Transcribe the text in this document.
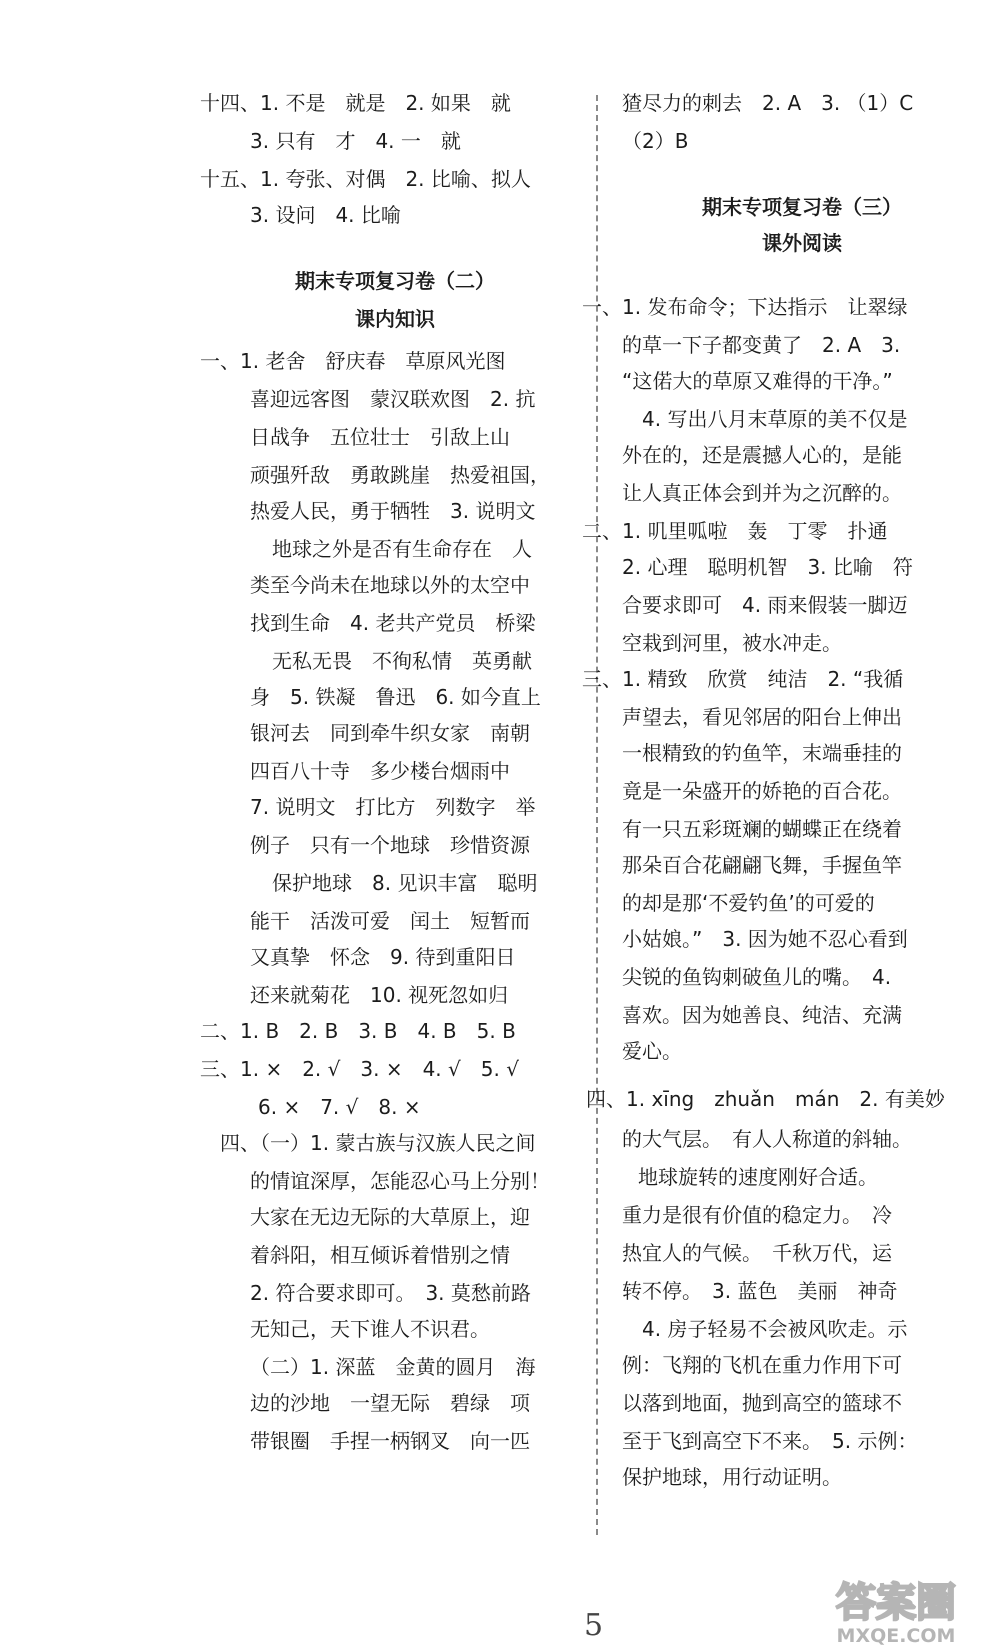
十四、1. 不是　就是　2. 如果　就
3. 只有　才　4. 一　就
十五、1. 夸张、对偶　2. 比喻、拟人
3. 设问　4. 比喻
期末专项复习卷（二）
课内知识
一、1. 老舍　舒庆春　草原风光图
喜迎远客图　蒙汉联欢图　2. 抗
日战争　五位壮士　引敌上山
顽强歼敌　勇敢跳崖　热爱祖国，
热爱人民，勇于牺牲　3. 说明文
地球之外是否有生命存在　人
类至今尚未在地球以外的太空中
找到生命　4. 老共产党员　桥梁
无私无畏　不徇私情　英勇献
身　5. 铁凝　鲁迅　6. 如今直上
银河去　同到牵牛织女家　南朝
四百八十寺　多少楼台烟雨中
7. 说明文　打比方　列数字　举
例子　只有一个地球　珍惜资源
保护地球　8. 见识丰富　聪明
能干　活泼可爱　闰土　短暂而
又真挚　怀念　9. 待到重阳日
还来就菊花　10. 视死忽如归
二、1. B　2. B　3. B　4. B　5. B
三、1. ×　2. √　3. ×　4. √　5. √
6. ×　7. √　8. ×
四、（一）1. 蒙古族与汉族人民之间
的情谊深厚，怎能忍心马上分别！
大家在无边无际的大草原上，迎
着斜阳，相互倾诉着惜别之情
2. 符合要求即可。　3. 莫愁前路
无知己，天下谁人不识君。
（二）1. 深蓝　金黄的圆月　海
边的沙地　一望无际　碧绿　项
带银圈　手捏一柄钢叉　向一匹
猹尽力的刺去　2. A　3. （1）C
（2）B
期末专项复习卷（三）
课外阅读
一、1. 发布命令；下达指示　让翠绿
的草一下子都变黄了　2. A　3.
“这偌大的草原又难得的干净。”
4. 写出八月末草原的美不仅是
外在的，还是震撼人心的，是能
让人真正体会到并为之沉醉的。
二、1. 叽里呱啦　轰　丁零　扑通
2. 心理　聪明机智　3. 比喻　符
合要求即可　4. 雨来假装一脚迈
空栽到河里，被水冲走。
三、1. 精致　欣赏　纯洁　2. “我循
声望去，看见邻居的阳台上伸出
一根精致的钓鱼竿，末端垂挂的
竟是一朵盛开的娇艳的百合花。
有一只五彩斑斓的蝴蝶正在绕着
那朵百合花翩翩飞舞，手握鱼竿
的却是那‘不爱钓鱼’的可爱的
小姑娘。”　3. 因为她不忍心看到
尖锐的鱼钩刺破鱼儿的嘴。　4.
喜欢。因为她善良、纯洁、充满
爱心。
四、1. xīng　zhuǎn　mán　2. 有美妙
的大气层。　有人人称道的斜轴。
地球旋转的速度刚好合适。
重力是很有价值的稳定力。　冷
热宜人的气候。　千秋万代，运
转不停。　3. 蓝色　美丽　神奇
4. 房子轻易不会被风吹走。示
例：飞翔的飞机在重力作用下可
以落到地面，抛到高空的篮球不
至于飞到高空下不来。　5. 示例：
保护地球，用行动证明。
5	答案圈
MXQE.COM
